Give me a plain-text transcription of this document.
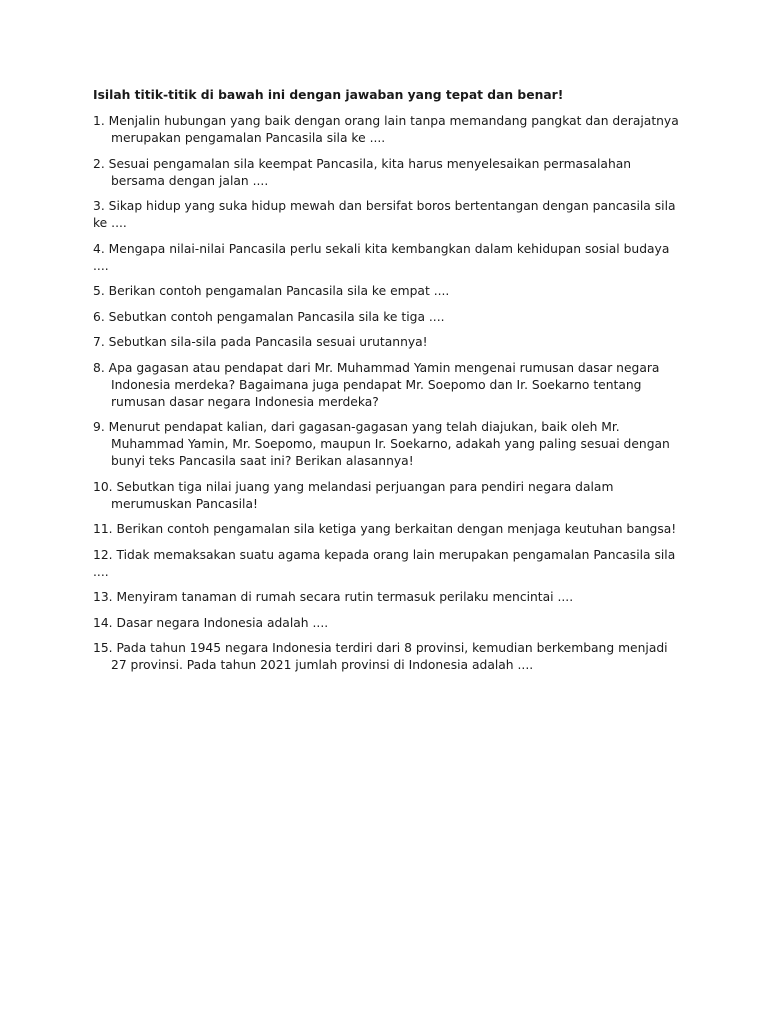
Isilah titik-titik di bawah ini dengan jawaban yang tepat dan benar!

1. Menjalin hubungan yang baik dengan orang lain tanpa memandang pangkat dan derajatnya merupakan pengamalan Pancasila sila ke ....
2. Sesuai pengamalan sila keempat Pancasila, kita harus menyelesaikan permasalahan bersama dengan jalan ....
3. Sikap hidup yang suka hidup mewah dan bersifat boros bertentangan dengan pancasila sila ke ....
4. Mengapa nilai-nilai Pancasila perlu sekali kita kembangkan dalam kehidupan sosial budaya ....
5. Berikan contoh pengamalan Pancasila sila ke empat ....
6. Sebutkan contoh pengamalan Pancasila sila ke tiga ....
7. Sebutkan sila-sila pada Pancasila sesuai urutannya!
8. Apa gagasan atau pendapat dari Mr. Muhammad Yamin mengenai rumusan dasar negara Indonesia merdeka? Bagaimana juga pendapat Mr. Soepomo dan Ir. Soekarno tentang rumusan dasar negara Indonesia merdeka?
9. Menurut pendapat kalian, dari gagasan-gagasan yang telah diajukan, baik oleh Mr. Muhammad Yamin, Mr. Soepomo, maupun Ir. Soekarno, adakah yang paling sesuai dengan bunyi teks Pancasila saat ini? Berikan alasannya!
10. Sebutkan tiga nilai juang yang melandasi perjuangan para pendiri negara dalam merumuskan Pancasila!
11. Berikan contoh pengamalan sila ketiga yang berkaitan dengan menjaga keutuhan bangsa!
12. Tidak memaksakan suatu agama kepada orang lain merupakan pengamalan Pancasila sila ....
13. Menyiram tanaman di rumah secara rutin termasuk perilaku mencintai ....
14. Dasar negara Indonesia adalah ....
15. Pada tahun 1945 negara Indonesia terdiri dari 8 provinsi, kemudian berkembang menjadi 27 provinsi. Pada tahun 2021 jumlah provinsi di Indonesia adalah ....
